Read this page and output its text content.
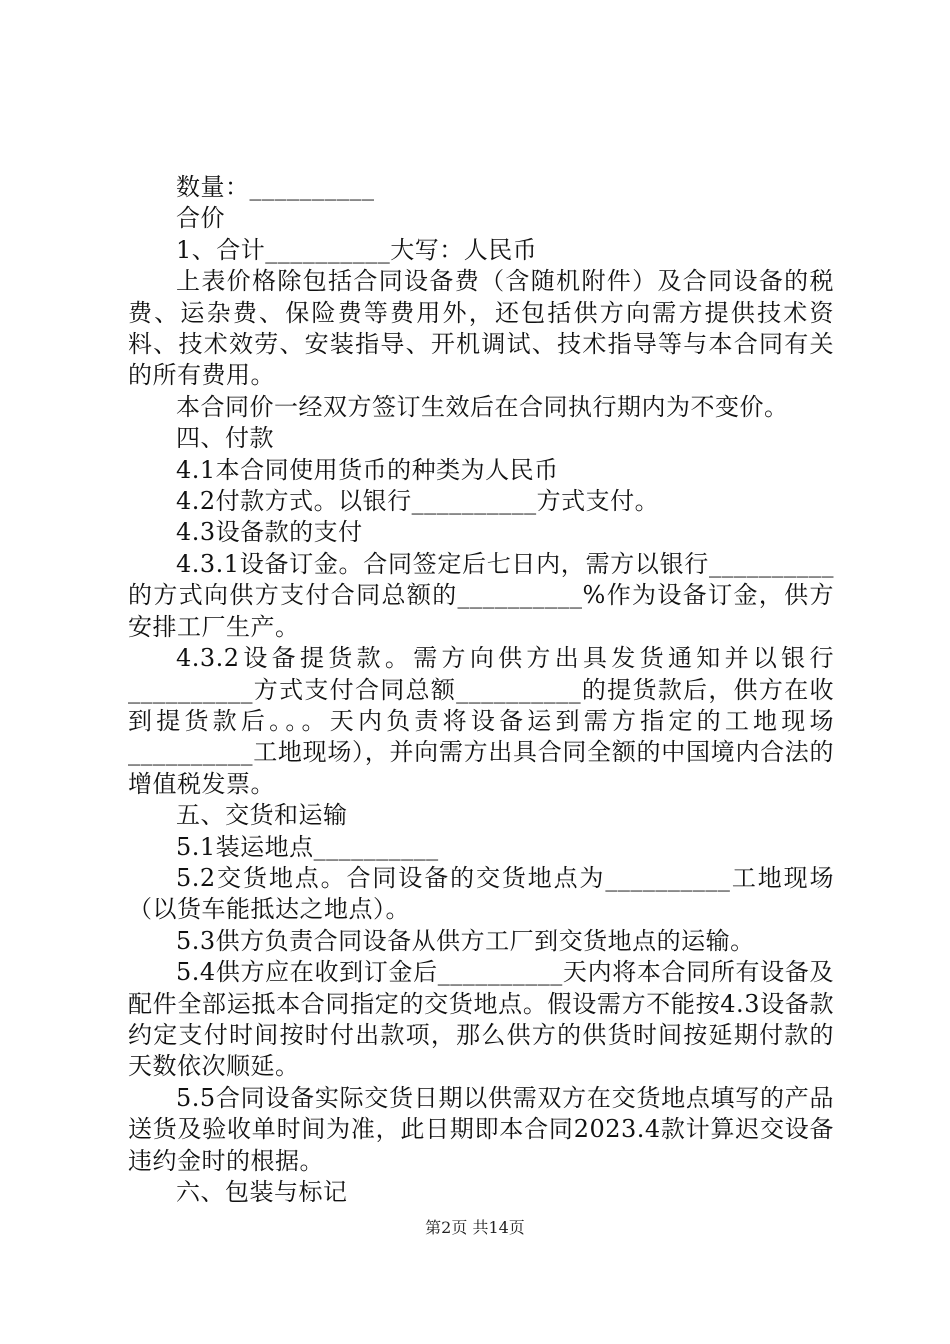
数量：__________

合价

1、合计__________大写：人民币

上表价格除包括合同设备费（含随机附件）及合同设备的税费、运杂费、保险费等费用外，还包括供方向需方提供技术资料、技术效劳、安装指导、开机调试、技术指导等与本合同有关的所有费用。

本合同价一经双方签订生效后在合同执行期内为不变价。

四、付款

4.1本合同使用货币的种类为人民币

4.2付款方式。以银行__________方式支付。

4.3设备款的支付

4.3.1设备订金。合同签定后七日内，需方以银行__________的方式向供方支付合同总额的__________%作为设备订金，供方安排工厂生产。

4.3.2设备提货款。需方向供方出具发货通知并以银行__________方式支付合同总额__________的提货款后，供方在收到提货款后。。。天内负责将设备运到需方指定的工地现场__________工地现场），并向需方出具合同全额的中国境内合法的增值税发票。

五、交货和运输

5.1装运地点__________

5.2交货地点。合同设备的交货地点为__________工地现场（以货车能抵达之地点）。

5.3供方负责合同设备从供方工厂到交货地点的运输。

5.4供方应在收到订金后__________天内将本合同所有设备及配件全部运抵本合同指定的交货地点。假设需方不能按4.3设备款约定支付时间按时付出款项，那么供方的供货时间按延期付款的天数依次顺延。

5.5合同设备实际交货日期以供需双方在交货地点填写的产品送货及验收单时间为准，此日期即本合同2023.4款计算迟交设备违约金时的根据。

六、包装与标记

第2页 共14页
